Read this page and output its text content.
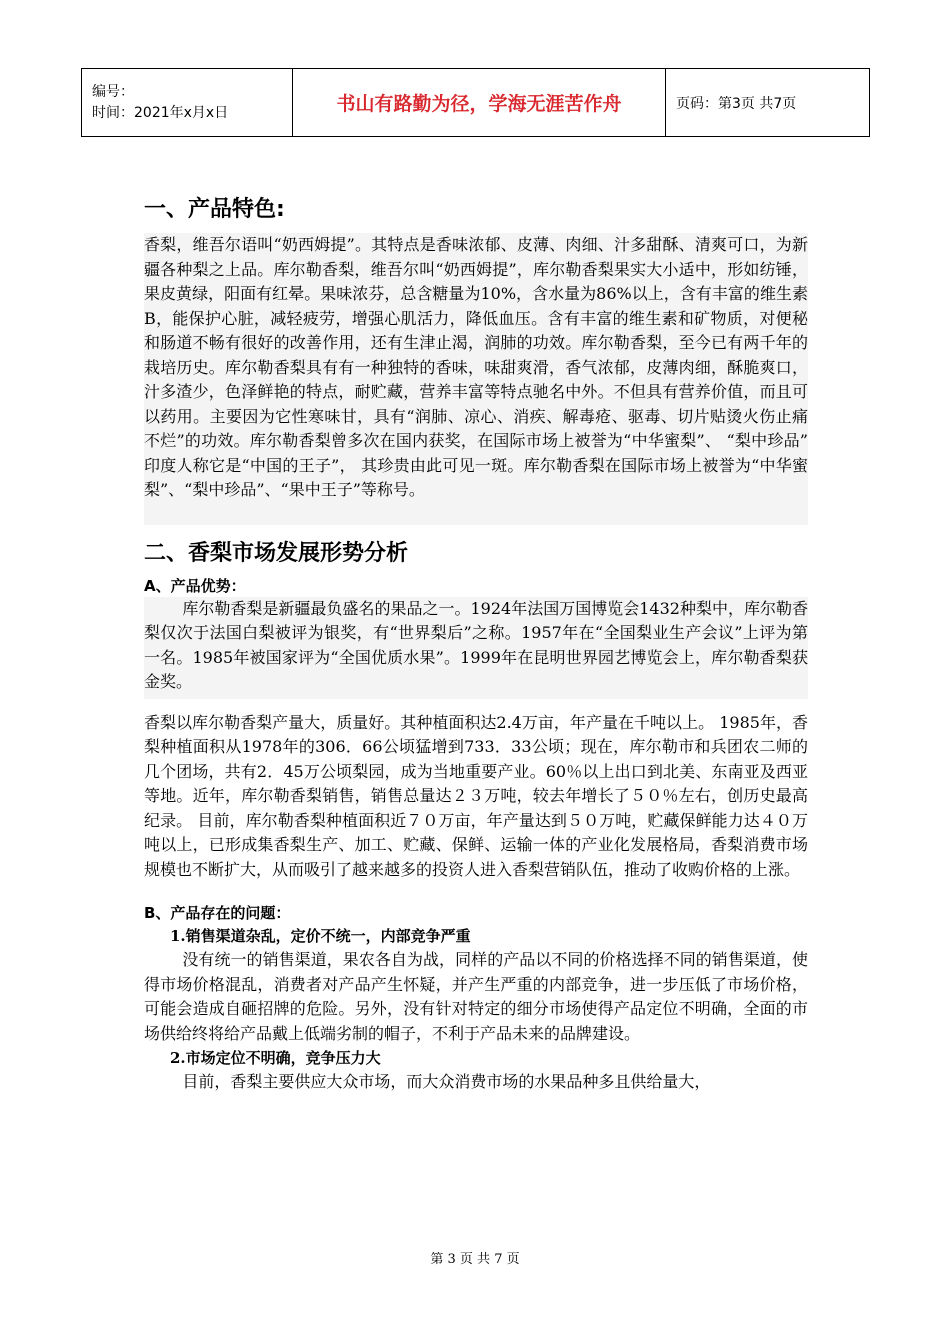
编号：
时间：2021年x月x日	书山有路勤为径，学海无涯苦作舟	页码：第3页 共7页
一、产品特色:

香梨，维吾尔语叫“奶西姆提”。其特点是香味浓郁、皮薄、肉细、汁多甜酥、清爽可口，为新疆各种梨之上品。库尔勒香梨，维吾尔叫“奶西姆提”，库尔勒香梨果实大小适中，形如纺锤，果皮黄绿，阳面有红晕。果味浓芬，总含糖量为10%，含水量为86%以上，含有丰富的维生素B，能保护心脏，减轻疲劳，增强心肌活力，降低血压。含有丰富的维生素和矿物质，对便秘和肠道不畅有很好的改善作用，还有生津止渴，润肺的功效。库尔勒香梨，至今已有两千年的栽培历史。库尔勒香梨具有有一种独特的香味，味甜爽滑，香气浓郁，皮薄肉细，酥脆爽口，汁多渣少，色泽鲜艳的特点，耐贮藏，营养丰富等特点驰名中外。不但具有营养价值，而且可以药用。主要因为它性寒味甘，具有“润肺、凉心、消疾、解毒疮、驱毒、切片贴烫火伤止痛不烂”的功效。库尔勒香梨曾多次在国内获奖，在国际市场上被誉为“中华蜜梨”、 “梨中珍品” 印度人称它是“中国的王子”， 其珍贵由此可见一斑。库尔勒香梨在国际市场上被誉为“中华蜜梨”、“梨中珍品”、“果中王子”等称号。

二、香梨市场发展形势分析

A、产品优势：

库尔勒香梨是新疆最负盛名的果品之一。1924年法国万国博览会1432种梨中，库尔勒香梨仅次于法国白梨被评为银奖，有“世界梨后”之称。1957年在“全国梨业生产会议”上评为第一名。1985年被国家评为“全国优质水果”。1999年在昆明世界园艺博览会上，库尔勒香梨获金奖。

香梨以库尔勒香梨产量大，质量好。其种植面积达2.4万亩，年产量在千吨以上。 1985年，香梨种植面积从1978年的306．66公顷猛增到733．33公顷；现在，库尔勒市和兵团农二师的几个团场，共有2．45万公顷梨园，成为当地重要产业。60％以上出口到北美、东南亚及西亚等地。近年，库尔勒香梨销售，销售总量达２３万吨，较去年增长了５０％左右，创历史最高纪录。 目前，库尔勒香梨种植面积近７０万亩，年产量达到５０万吨，贮藏保鲜能力达４０万吨以上，已形成集香梨生产、加工、贮藏、保鲜、运输一体的产业化发展格局，香梨消费市场规模也不断扩大，从而吸引了越来越多的投资人进入香梨营销队伍，推动了收购价格的上涨。

B、产品存在的问题：

1.销售渠道杂乱，定价不统一，内部竞争严重

没有统一的销售渠道，果农各自为战，同样的产品以不同的价格选择不同的销售渠道，使得市场价格混乱，消费者对产品产生怀疑，并产生严重的内部竞争，进一步压低了市场价格，可能会造成自砸招牌的危险。另外，没有针对特定的细分市场使得产品定位不明确，全面的市场供给终将给产品戴上低端劣制的帽子，不利于产品未来的品牌建设。

2.市场定位不明确，竞争压力大

目前，香梨主要供应大众市场，而大众消费市场的水果品种多且供给量大，

第 3 页 共 7 页
